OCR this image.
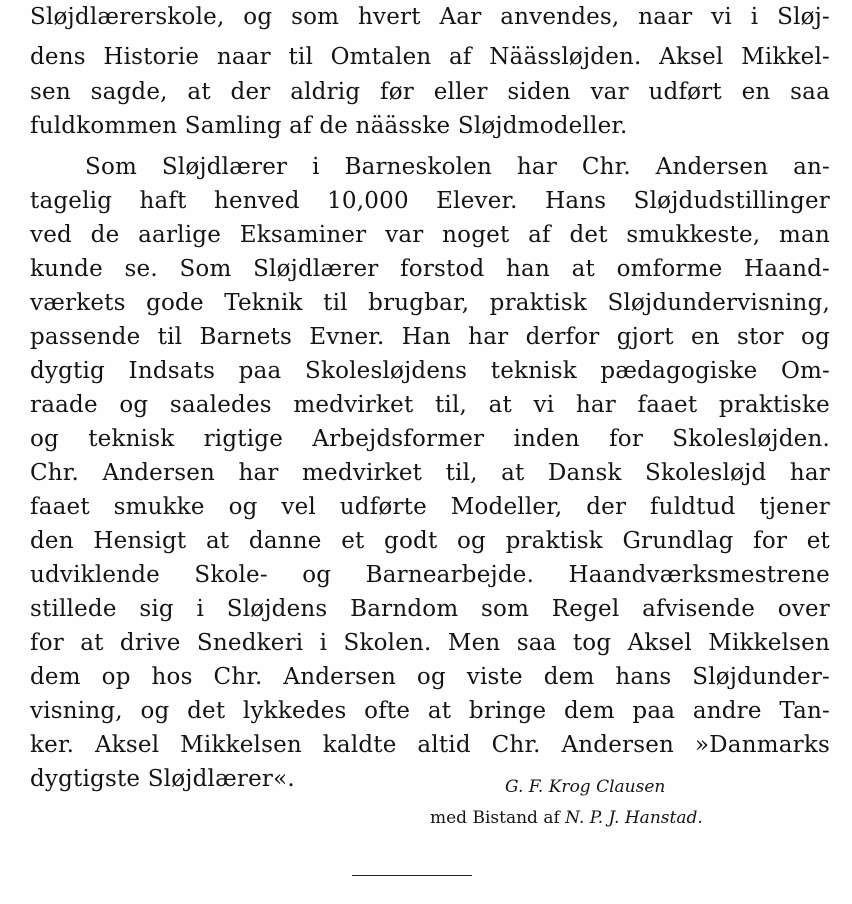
Sløjdlærerskole, og som hvert Aar anvendes, naar vi i Sløj-
dens Historie naar til Omtalen af Näässløjden. Aksel Mikkel-
sen sagde, at der aldrig før eller siden var udført en saa
fuldkommen Samling af de näässke Sløjdmodeller.
Som Sløjdlærer i Barneskolen har Chr. Andersen an-
tagelig haft henved 10,000 Elever. Hans Sløjdudstillinger
ved de aarlige Eksaminer var noget af det smukkeste, man
kunde se. Som Sløjdlærer forstod han at omforme Haand-
værkets gode Teknik til brugbar, praktisk Sløjdundervisning,
passende til Barnets Evner. Han har derfor gjort en stor og
dygtig Indsats paa Skolesløjdens teknisk pædagogiske Om-
raade og saaledes medvirket til, at vi har faaet praktiske
og teknisk rigtige Arbejdsformer inden for Skolesløjden.
Chr. Andersen har medvirket til, at Dansk Skolesløjd har
faaet smukke og vel udførte Modeller, der fuldtud tjener
den Hensigt at danne et godt og praktisk Grundlag for et
udviklende Skole- og Barnearbejde. Haandværksmestrene
stillede sig i Sløjdens Barndom som Regel afvisende over
for at drive Snedkeri i Skolen. Men saa tog Aksel Mikkelsen
dem op hos Chr. Andersen og viste dem hans Sløjdunder-
visning, og det lykkedes ofte at bringe dem paa andre Tan-
ker. Aksel Mikkelsen kaldte altid Chr. Andersen »Danmarks
dygtigste Sløjdlærer«.	G. F. Krog Clausen
med Bistand af N. P. J. Hanstad.
